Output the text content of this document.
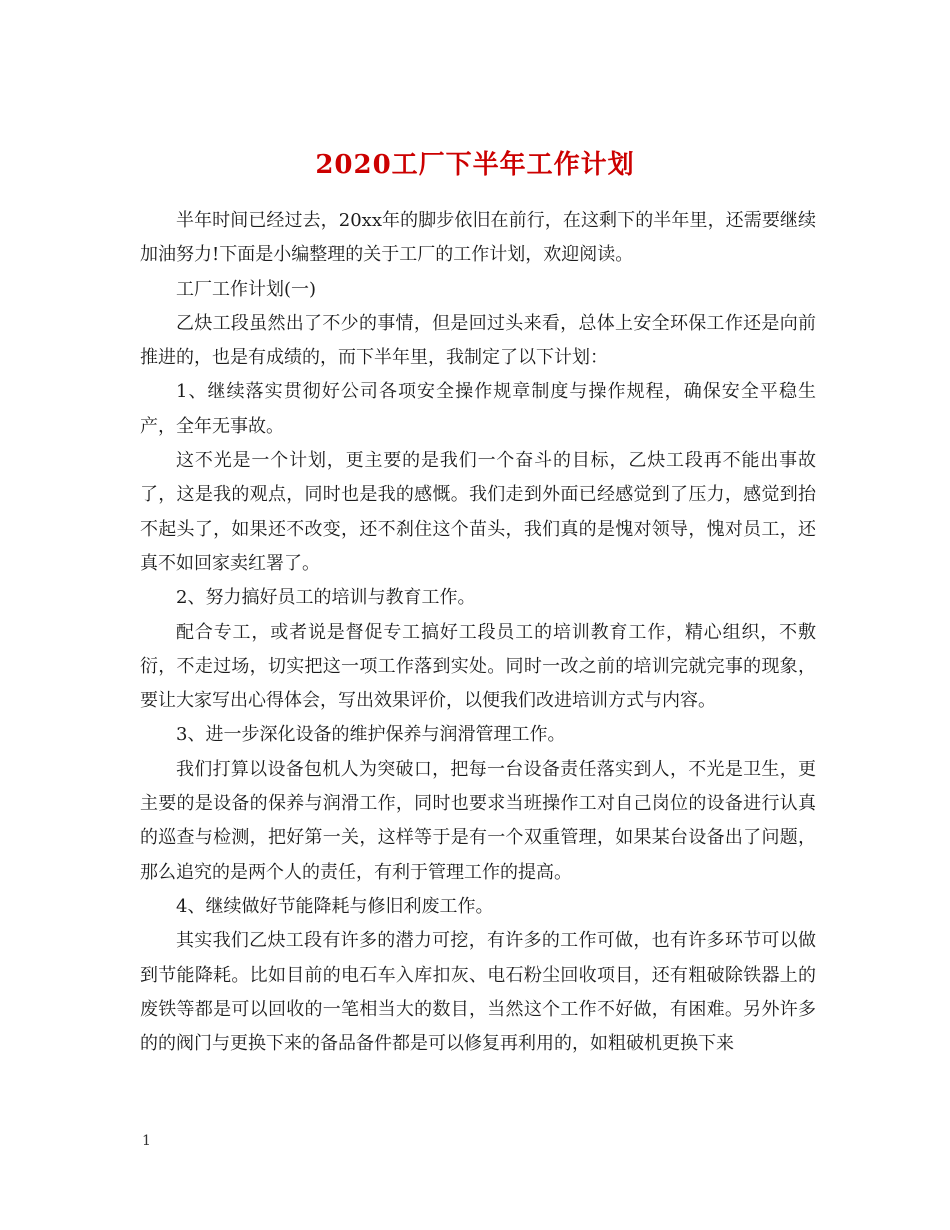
2020工厂下半年工作计划

半年时间已经过去，20xx年的脚步依旧在前行，在这剩下的半年里，还需要继续加油努力!下面是小编整理的关于工厂的工作计划，欢迎阅读。

工厂工作计划(一)

乙炔工段虽然出了不少的事情，但是回过头来看，总体上安全环保工作还是向前推进的，也是有成绩的，而下半年里，我制定了以下计划：

1、继续落实贯彻好公司各项安全操作规章制度与操作规程，确保安全平稳生产，全年无事故。

这不光是一个计划，更主要的是我们一个奋斗的目标，乙炔工段再不能出事故了，这是我的观点，同时也是我的感慨。我们走到外面已经感觉到了压力，感觉到抬不起头了，如果还不改变，还不刹住这个苗头，我们真的是愧对领导，愧对员工，还真不如回家卖红署了。

2、努力搞好员工的培训与教育工作。

配合专工，或者说是督促专工搞好工段员工的培训教育工作，精心组织，不敷衍，不走过场，切实把这一项工作落到实处。同时一改之前的培训完就完事的现象，要让大家写出心得体会，写出效果评价，以便我们改进培训方式与内容。

3、进一步深化设备的维护保养与润滑管理工作。

我们打算以设备包机人为突破口，把每一台设备责任落实到人，不光是卫生，更主要的是设备的保养与润滑工作，同时也要求当班操作工对自己岗位的设备进行认真的巡查与检测，把好第一关，这样等于是有一个双重管理，如果某台设备出了问题，那么追究的是两个人的责任，有利于管理工作的提高。

4、继续做好节能降耗与修旧利废工作。

其实我们乙炔工段有许多的潜力可挖，有许多的工作可做，也有许多环节可以做到节能降耗。比如目前的电石车入库扣灰、电石粉尘回收项目，还有粗破除铁器上的废铁等都是可以回收的一笔相当大的数目，当然这个工作不好做，有困难。另外许多的的阀门与更换下来的备品备件都是可以修复再利用的，如粗破机更换下来

1
